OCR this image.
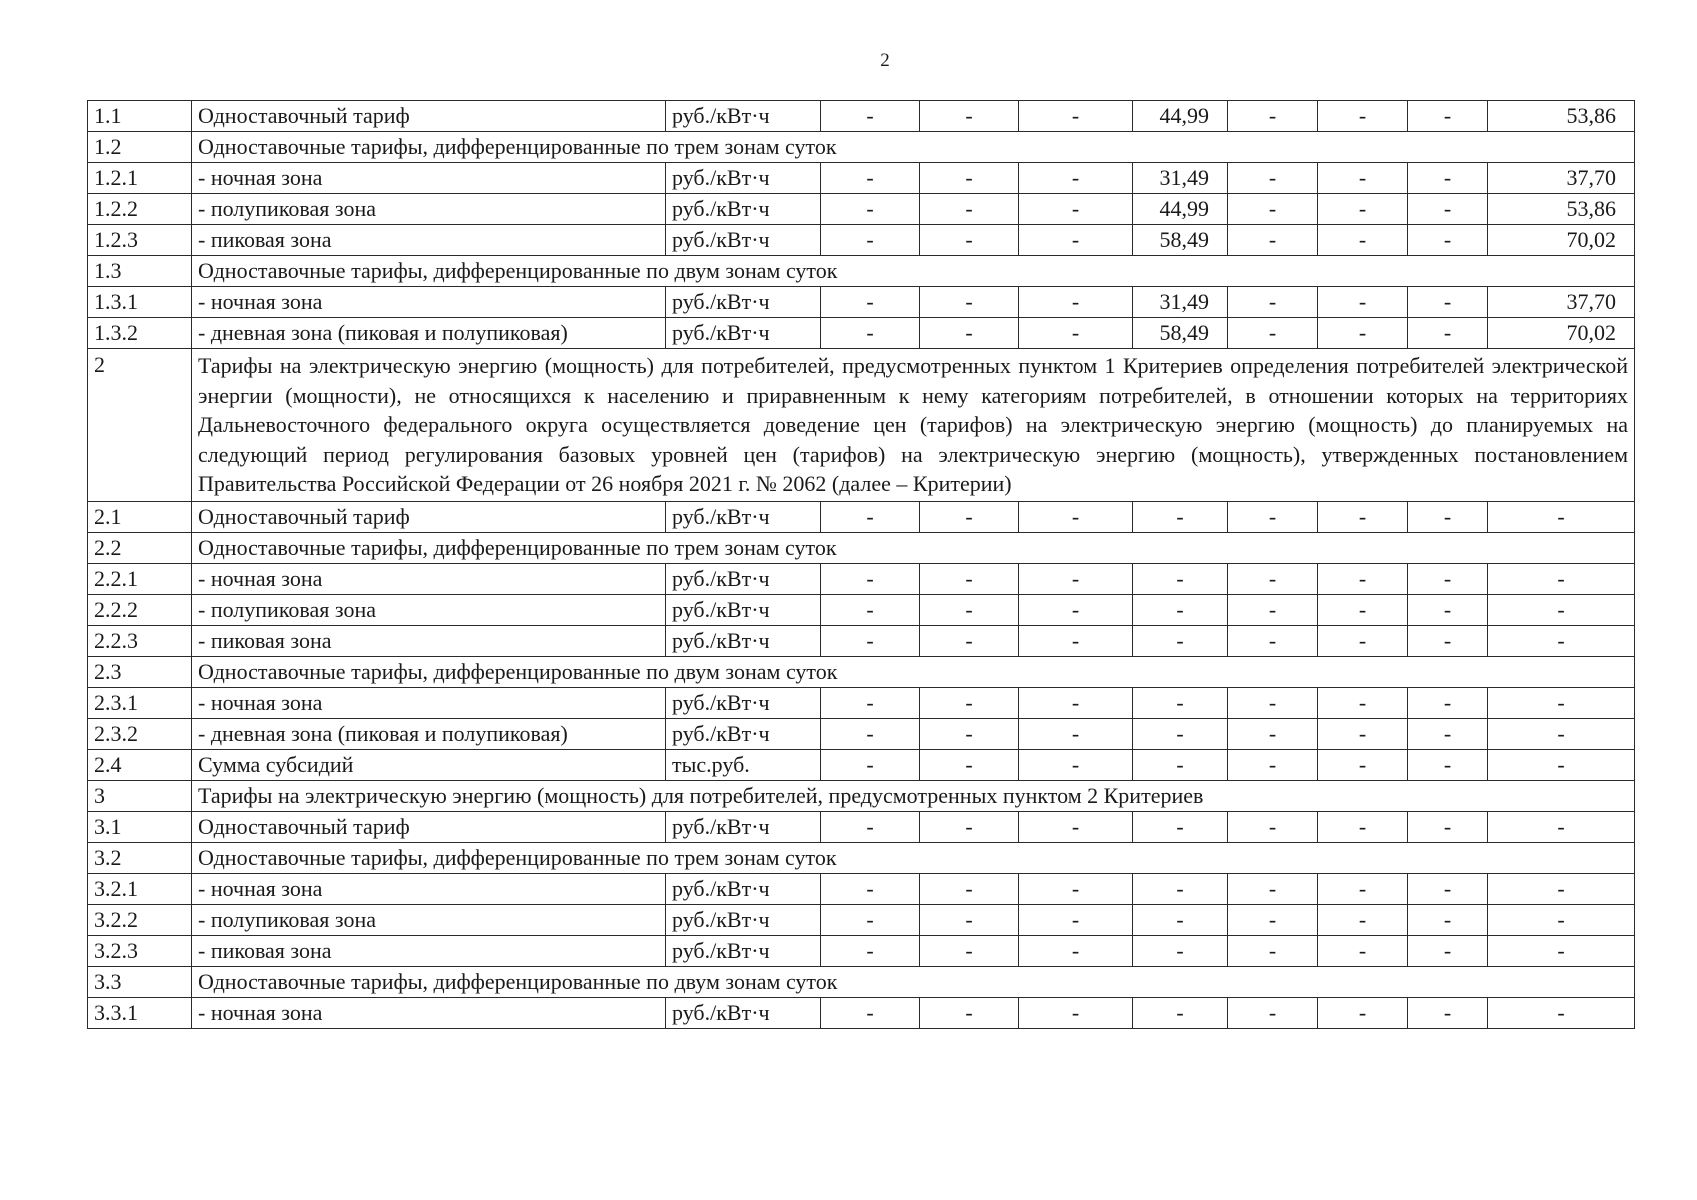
2
1.1	Одноставочный тариф	руб./кВт·ч	-	-	-	44,99	-	-	-	53,86
1.2	Одноставочные тарифы, дифференцированные по трем зонам суток									
1.2.1	- ночная зона	руб./кВт·ч	-	-	-	31,49	-	-	-	37,70
1.2.2	- полупиковая зона	руб./кВт·ч	-	-	-	44,99	-	-	-	53,86
1.2.3	- пиковая зона	руб./кВт·ч	-	-	-	58,49	-	-	-	70,02
1.3	Одноставочные тарифы, дифференцированные по двум зонам суток									
1.3.1	- ночная зона	руб./кВт·ч	-	-	-	31,49	-	-	-	37,70
1.3.2	- дневная зона (пиковая и полупиковая)	руб./кВт·ч	-	-	-	58,49	-	-	-	70,02
2	Тарифы на электрическую энергию (мощность) для потребителей, предусмотренных пунктом 1 Критериев определения потребителей электрической энергии (мощности), не относящихся к населению и приравненным к нему категориям потребителей, в отношении которых на территориях Дальневосточного федерального округа осуществляется доведение цен (тарифов) на электрическую энергию (мощность) до планируемых на следующий период регулирования базовых уровней цен (тарифов) на электрическую энергию (мощность), утвержденных постановлением Правительства Российской Федерации от 26 ноября 2021 г. № 2062 (далее – Критерии)									
2.1	Одноставочный тариф	руб./кВт·ч	-	-	-	-	-	-	-	-
2.2	Одноставочные тарифы, дифференцированные по трем зонам суток									
2.2.1	- ночная зона	руб./кВт·ч	-	-	-	-	-	-	-	-
2.2.2	- полупиковая зона	руб./кВт·ч	-	-	-	-	-	-	-	-
2.2.3	- пиковая зона	руб./кВт·ч	-	-	-	-	-	-	-	-
2.3	Одноставочные тарифы, дифференцированные по двум зонам суток									
2.3.1	- ночная зона	руб./кВт·ч	-	-	-	-	-	-	-	-
2.3.2	- дневная зона (пиковая и полупиковая)	руб./кВт·ч	-	-	-	-	-	-	-	-
2.4	Сумма субсидий	тыс.руб.	-	-	-	-	-	-	-	-
3	Тарифы на электрическую энергию (мощность) для потребителей, предусмотренных пунктом 2 Критериев									
3.1	Одноставочный тариф	руб./кВт·ч	-	-	-	-	-	-	-	-
3.2	Одноставочные тарифы, дифференцированные по трем зонам суток									
3.2.1	- ночная зона	руб./кВт·ч	-	-	-	-	-	-	-	-
3.2.2	- полупиковая зона	руб./кВт·ч	-	-	-	-	-	-	-	-
3.2.3	- пиковая зона	руб./кВт·ч	-	-	-	-	-	-	-	-
3.3	Одноставочные тарифы, дифференцированные по двум зонам суток									
3.3.1	- ночная зона	руб./кВт·ч	-	-	-	-	-	-	-	-
